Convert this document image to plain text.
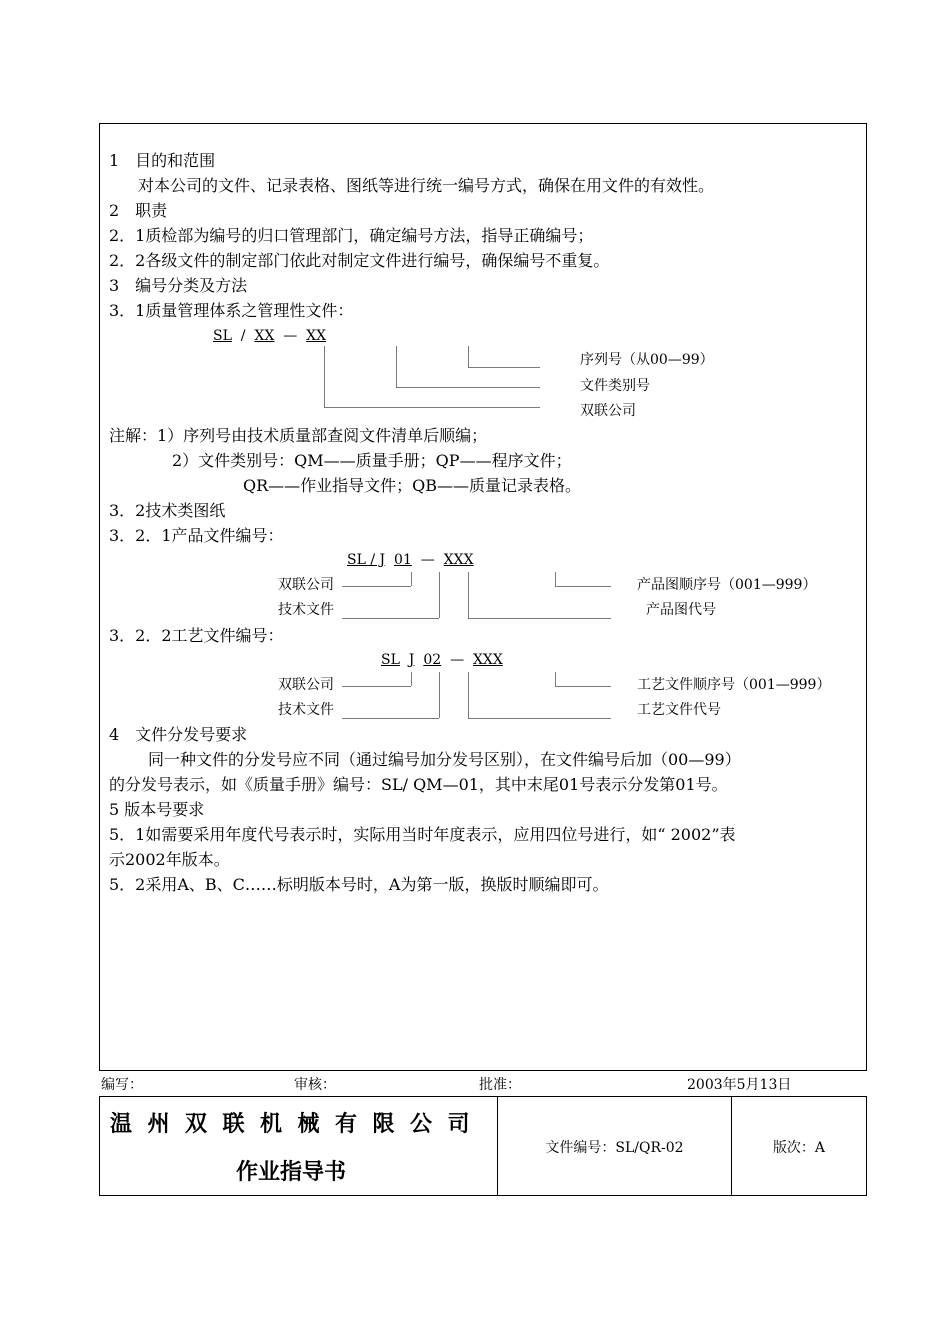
1　目的和范围
对本公司的文件、记录表格、图纸等进行统一编号方式，确保在用文件的有效性。
2　职责
2．1质检部为编号的归口管理部门，确定编号方法，指导正确编号；
2．2各级文件的制定部门依此对制定文件进行编号，确保编号不重复。
3　编号分类及方法
3．1质量管理体系之管理性文件：
SL / XX — XX
序列号（从00—99）
文件类别号
双联公司
注解：1）序列号由技术质量部查阅文件清单后顺编；
2）文件类别号：QM——质量手册；QP——程序文件；
QR——作业指导文件；QB——质量记录表格。
3．2技术类图纸
3．2．1产品文件编号：
SL / J 01 — XXX
双联公司
技术文件
产品图顺序号（001—999）
产品图代号
3．2．2工艺文件编号：
SL J 02 — XXX
双联公司
技术文件
工艺文件顺序号（001—999）
工艺文件代号
4　文件分发号要求
同一种文件的分发号应不同（通过编号加分发号区别），在文件编号后加（00—99）
的分发号表示，如《质量手册》编号：SL/ QM—01，其中末尾01号表示分发第01号。
5 版本号要求
5．1如需要采用年度代号表示时，实际用当时年度表示，应用四位号进行，如“ 2002”表
示2002年版本。
5．2采用A、B、C……标明版本号时，A为第一版，换版时顺编即可。
编写：	审核：	批准：	2003年5月13日
温州双联机械有限公司
作业指导书
文件编号：SL/QR-02	版次：A
